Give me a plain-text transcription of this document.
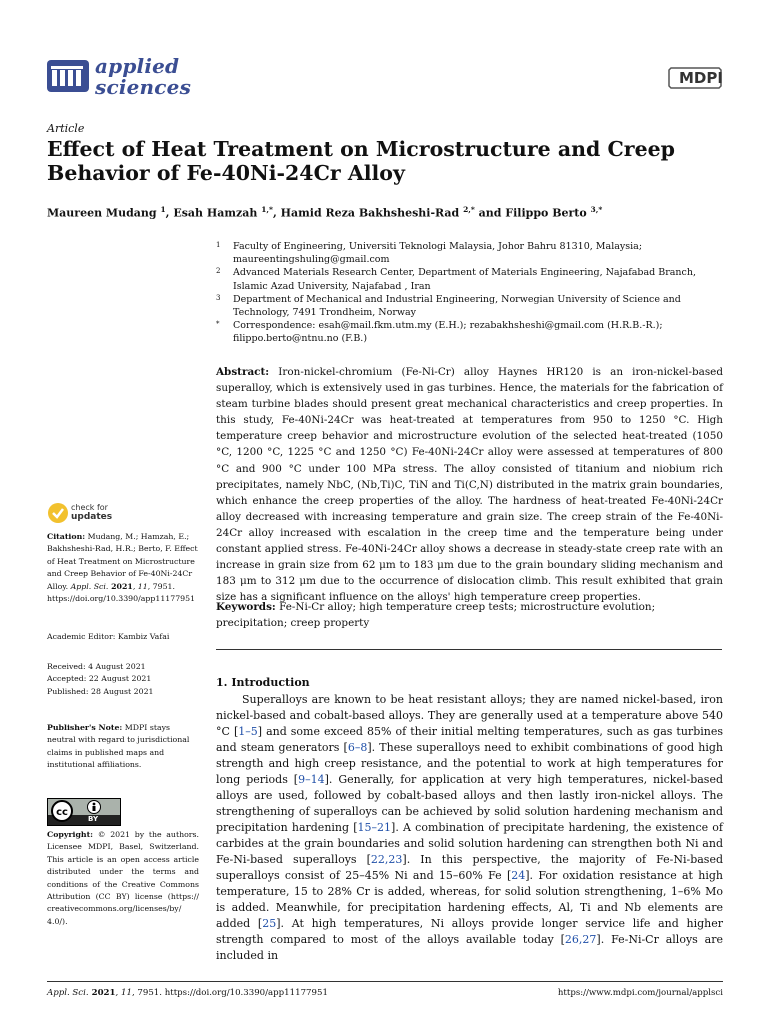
applied
sciences	MDPI
Article
Effect of Heat Treatment on Microstructure and Creep Behavior of Fe-40Ni-24Cr Alloy
Maureen Mudang $^1$, Esah Hamzah $^{1,*}$, Hamid Reza Bakhsheshi-Rad $^{2,*}$ and Filippo Berto $^{3,*}$
1 Faculty of Engineering, Universiti Teknologi Malaysia, Johor Bahru 81310, Malaysia; maureentingshuling@gmail.com
2 Advanced Materials Research Center, Department of Materials Engineering, Najafabad Branch, Islamic Azad University, Najafabad , Iran
3 Department of Mechanical and Industrial Engineering, Norwegian University of Science and Technology, 7491 Trondheim, Norway
* Correspondence: esah@mail.fkm.utm.my (E.H.); rezabakhsheshi@gmail.com (H.R.B.-R.); filippo.berto@ntnu.no (F.B.)
Abstract: Iron-nickel-chromium (Fe-Ni-Cr) alloy Haynes HR120 is an iron-nickel-based superalloy, which is extensively used in gas turbines. Hence, the materials for the fabrication of steam turbine blades should present great mechanical characteristics and creep properties. In this study, Fe-40Ni-24Cr was heat-treated at temperatures from 950 to 1250 °C. High temperature creep behavior and microstructure evolution of the selected heat-treated (1050 °C, 1200 °C, 1225 °C and 1250 °C) Fe-40Ni-24Cr alloy were assessed at temperatures of 800 °C and 900 °C under 100 MPa stress. The alloy consisted of titanium and niobium rich precipitates, namely NbC, (Nb,Ti)C, TiN and Ti(C,N) distributed in the matrix grain boundaries, which enhance the creep properties of the alloy. The hardness of heat-treated Fe-40Ni-24Cr alloy decreased with increasing temperature and grain size. The creep strain of the Fe-40Ni-24Cr alloy increased with escalation in the creep time and the temperature being under constant applied stress. Fe-40Ni-24Cr alloy shows a decrease in steady-state creep rate with an increase in grain size from 62 μm to 183 μm due to the grain boundary sliding mechanism and 183 μm to 312 μm due to the occurrence of dislocation climb. This result exhibited that grain size has a significant influence on the alloys' high temperature creep properties.
Keywords: Fe-Ni-Cr alloy; high temperature creep tests; microstructure evolution; precipitation; creep property
check for
updates
Citation: Mudang, M.; Hamzah, E.; Bakhsheshi-Rad, H.R.; Berto, F. Effect of Heat Treatment on Microstructure and Creep Behavior of Fe-40Ni-24Cr Alloy. Appl. Sci. 2021, 11, 7951. https://doi.org/10.3390/app11177951
Academic Editor: Kambiz Vafai
Received: 4 August 2021
Accepted: 22 August 2021
Published: 28 August 2021
Publisher's Note: MDPI stays neutral with regard to jurisdictional claims in published maps and institutional affiliations.
cc
BY
Copyright: © 2021 by the authors. Licensee MDPI, Basel, Switzerland. This article is an open access article distributed under the terms and conditions of the Creative Commons Attribution (CC BY) license (https:// creativecommons.org/licenses/by/ 4.0/).
1. Introduction
Superalloys are known to be heat resistant alloys; they are named nickel-based, iron nickel-based and cobalt-based alloys. They are generally used at a temperature above 540 °C [1–5] and some exceed 85% of their initial melting temperatures, such as gas turbines and steam generators [6–8]. These superalloys need to exhibit combinations of good high strength and high creep resistance, and the potential to work at high temperatures for long periods [9–14]. Generally, for application at very high temperatures, nickel-based alloys are used, followed by cobalt-based alloys and then lastly iron-nickel alloys. The strengthening of superalloys can be achieved by solid solution hardening mechanism and precipitation hardening [15–21]. A combination of precipitate hardening, the existence of carbides at the grain boundaries and solid solution hardening can strengthen both Ni and Fe-Ni-based superalloys [22,23]. In this perspective, the majority of Fe-Ni-based superalloys consist of 25–45% Ni and 15–60% Fe [24]. For oxidation resistance at high temperature, 15 to 28% Cr is added, whereas, for solid solution strengthening, 1–6% Mo is added. Meanwhile, for precipitation hardening effects, Al, Ti and Nb elements are added [25]. At high temperatures, Ni alloys provide longer service life and higher strength compared to most of the alloys available today [26,27]. Fe-Ni-Cr alloys are included in
Appl. Sci. 2021, 11, 7951. https://doi.org/10.3390/app11177951	https://www.mdpi.com/journal/applsci
